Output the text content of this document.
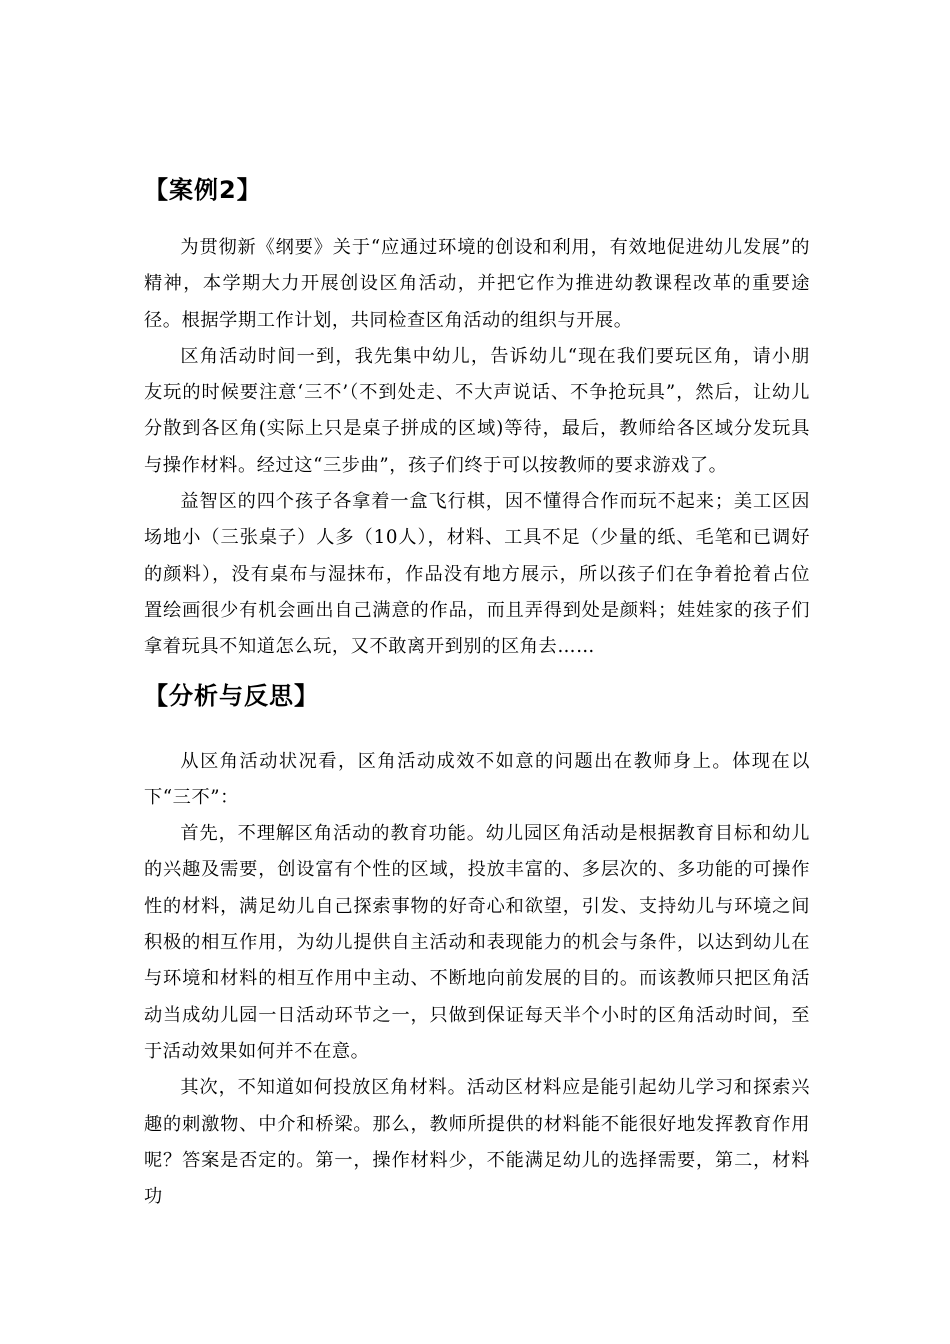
【案例2】

为贯彻新《纲要》关于“应通过环境的创设和利用，有效地促进幼儿发展”的精神，本学期大力开展创设区角活动，并把它作为推进幼教课程改革的重要途径。根据学期工作计划，共同检查区角活动的组织与开展。

区角活动时间一到，我先集中幼儿，告诉幼儿“现在我们要玩区角，请小朋友玩的时候要注意‘三不’（不到处走、不大声说话、不争抢玩具”，然后，让幼儿分散到各区角(实际上只是桌子拼成的区域)等待，最后，教师给各区域分发玩具与操作材料。经过这“三步曲”，孩子们终于可以按教师的要求游戏了。

益智区的四个孩子各拿着一盒飞行棋，因不懂得合作而玩不起来；美工区因场地小（三张桌子）人多（10人），材料、工具不足（少量的纸、毛笔和已调好的颜料），没有桌布与湿抹布，作品没有地方展示，所以孩子们在争着抢着占位置绘画很少有机会画出自己满意的作品，而且弄得到处是颜料；娃娃家的孩子们拿着玩具不知道怎么玩，又不敢离开到别的区角去……

【分析与反思】

从区角活动状况看，区角活动成效不如意的问题出在教师身上。体现在以下“三不”：

首先，不理解区角活动的教育功能。幼儿园区角活动是根据教育目标和幼儿的兴趣及需要，创设富有个性的区域，投放丰富的、多层次的、多功能的可操作性的材料，满足幼儿自己探索事物的好奇心和欲望，引发、支持幼儿与环境之间积极的相互作用，为幼儿提供自主活动和表现能力的机会与条件，以达到幼儿在与环境和材料的相互作用中主动、不断地向前发展的目的。而该教师只把区角活动当成幼儿园一日活动环节之一，只做到保证每天半个小时的区角活动时间，至于活动效果如何并不在意。

其次，不知道如何投放区角材料。活动区材料应是能引起幼儿学习和探索兴趣的刺激物、中介和桥梁。那么，教师所提供的材料能不能很好地发挥教育作用呢？答案是否定的。第一，操作材料少，不能满足幼儿的选择需要，第二，材料功
